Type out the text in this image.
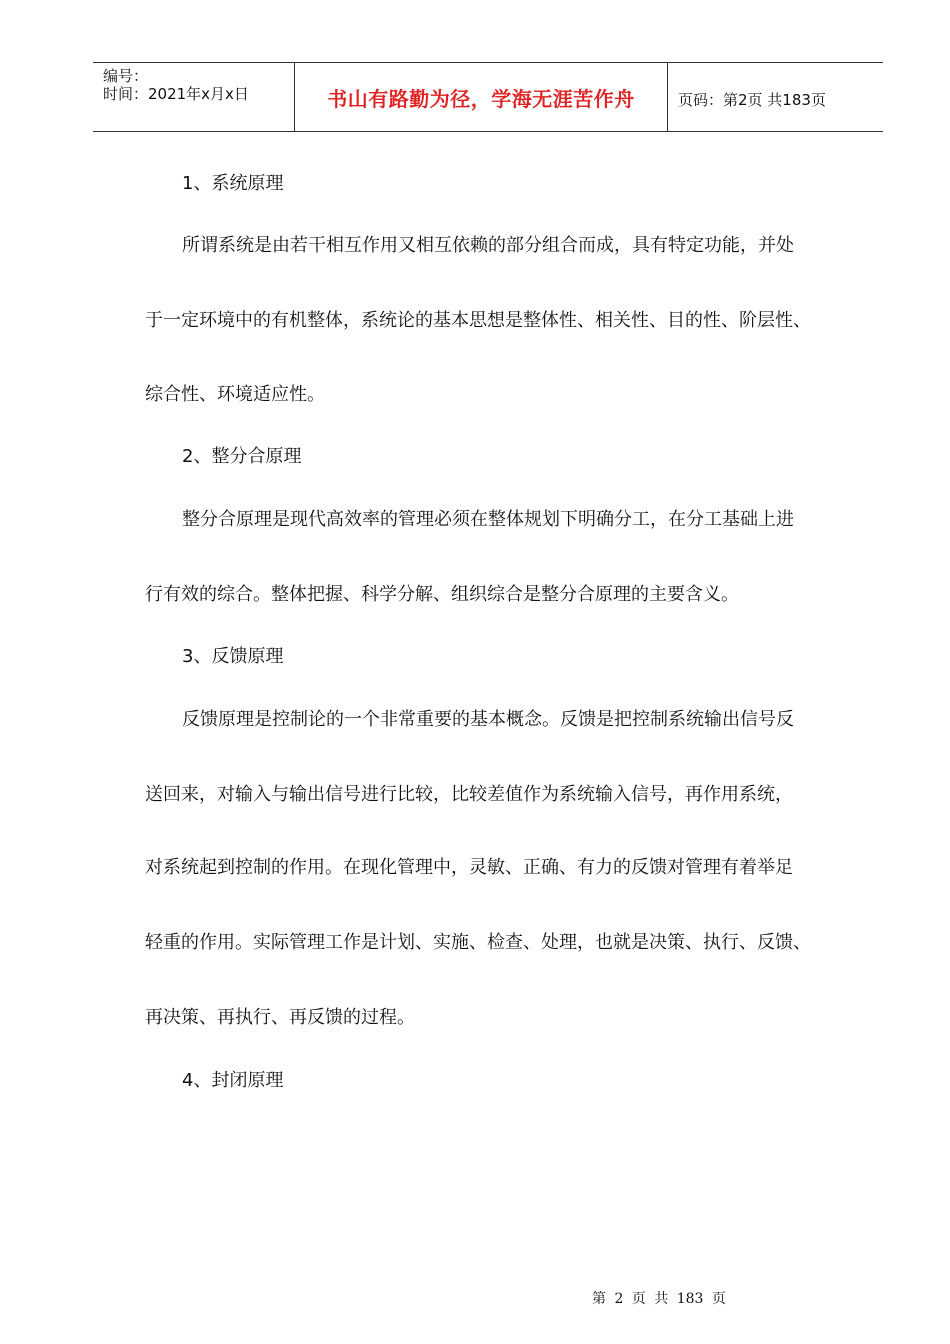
编号：
时间：2021年x月x日	书山有路勤为径，学海无涯苦作舟	页码：第2页 共183页
1、系统原理
所谓系统是由若干相互作用又相互依赖的部分组合而成，具有特定功能，并处
于一定环境中的有机整体，系统论的基本思想是整体性、相关性、目的性、阶层性、
综合性、环境适应性。
2、整分合原理
整分合原理是现代高效率的管理必须在整体规划下明确分工，在分工基础上进
行有效的综合。整体把握、科学分解、组织综合是整分合原理的主要含义。
3、反馈原理
反馈原理是控制论的一个非常重要的基本概念。反馈是把控制系统输出信号反
送回来，对输入与输出信号进行比较，比较差值作为系统输入信号，再作用系统，
对系统起到控制的作用。在现化管理中，灵敏、正确、有力的反馈对管理有着举足
轻重的作用。实际管理工作是计划、实施、检查、处理，也就是决策、执行、反馈、
再决策、再执行、再反馈的过程。
4、封闭原理
第 2 页 共 183 页
